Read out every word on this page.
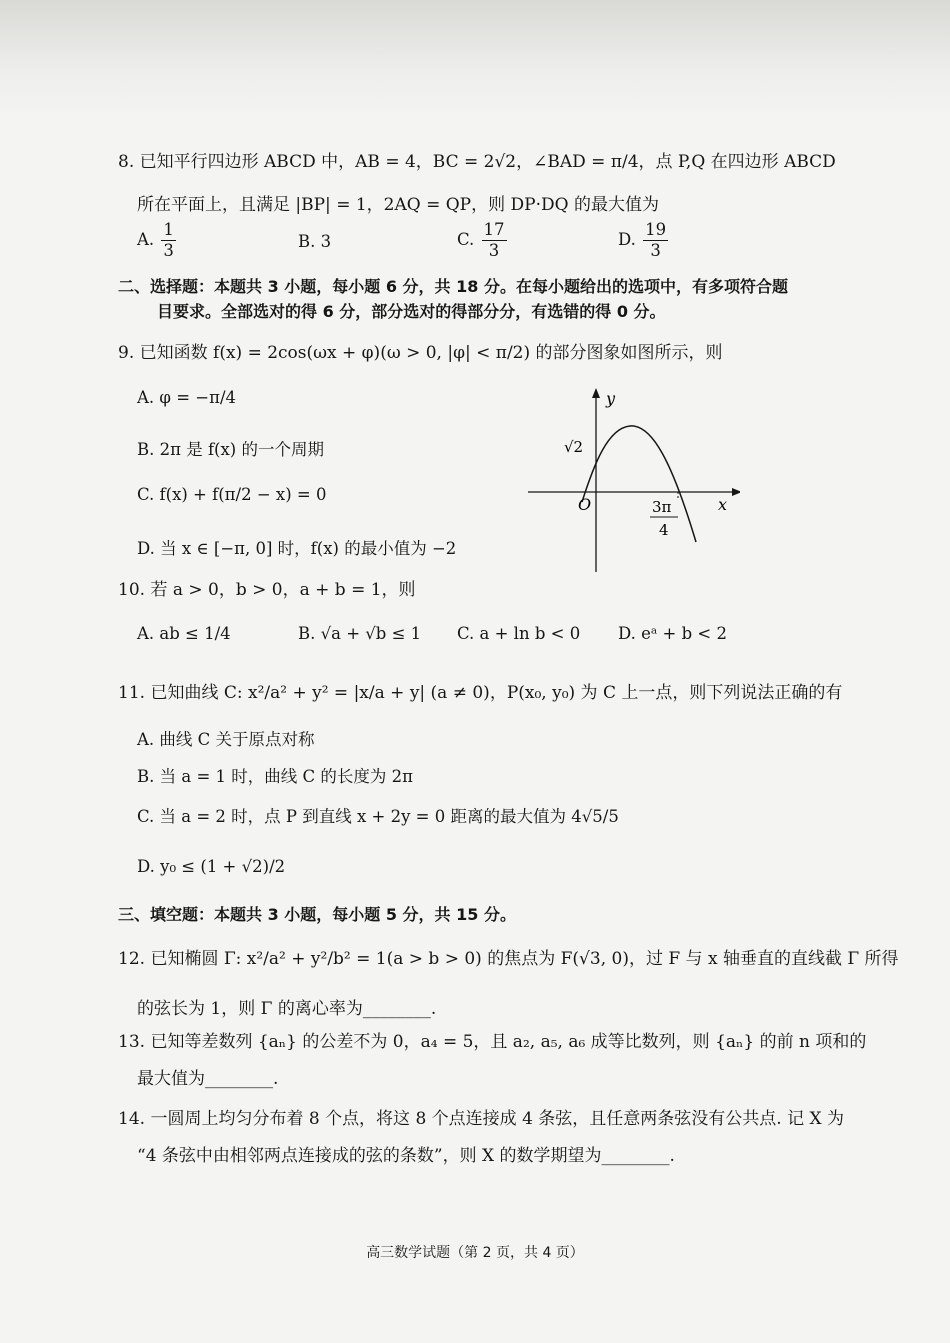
8. 已知平行四边形 ABCD 中，AB = 4，BC = 2√2，∠BAD = π/4，点 P,Q 在四边形 ABCD
所在平面上，且满足 |BP| = 1，2AQ = QP，则 DP·DQ 的最大值为
A. $\frac{1}{3}$	B. 3	C. $\frac{17}{3}$	D. $\frac{19}{3}$
二、选择题：本题共 3 小题，每小题 6 分，共 18 分。在每小题给出的选项中，有多项符合题
目要求。全部选对的得 6 分，部分选对的得部分分，有选错的得 0 分。
9. 已知函数 f(x) = 2cos(ωx + φ)(ω > 0, |φ| < π/2) 的部分图象如图所示，则
A. φ = −π/4
B. 2π 是 f(x) 的一个周期
C. f(x) + f(π/2 − x) = 0
D. 当 x ∈ [−π, 0] 时，f(x) 的最小值为 −2
y
x
O
√2
3π
4
10. 若 a > 0，b > 0，a + b = 1，则
A. ab ≤ 1/4	B. √a + √b ≤ 1 C. a + ln b < 0 D. eᵃ + b < 2
11. 已知曲线 C: x²/a² + y² = |x/a + y| (a ≠ 0)，P(x₀, y₀) 为 C 上一点，则下列说法正确的有
A. 曲线 C 关于原点对称
B. 当 a = 1 时，曲线 C 的长度为 2π
C. 当 a = 2 时，点 P 到直线 x + 2y = 0 距离的最大值为 4√5/5
D. y₀ ≤ (1 + √2)/2
三、填空题：本题共 3 小题，每小题 5 分，共 15 分。
12. 已知椭圆 Γ: x²/a² + y²/b² = 1(a > b > 0) 的焦点为 F(√3, 0)，过 F 与 x 轴垂直的直线截 Γ 所得
的弦长为 1，则 Γ 的离心率为________.
13. 已知等差数列 {aₙ} 的公差不为 0，a₄ = 5，且 a₂, a₅, a₆ 成等比数列，则 {aₙ} 的前 n 项和的
最大值为________.
14. 一圆周上均匀分布着 8 个点，将这 8 个点连接成 4 条弦，且任意两条弦没有公共点. 记 X 为
“4 条弦中由相邻两点连接成的弦的条数”，则 X 的数学期望为________.
高三数学试题（第 2 页，共 4 页）
